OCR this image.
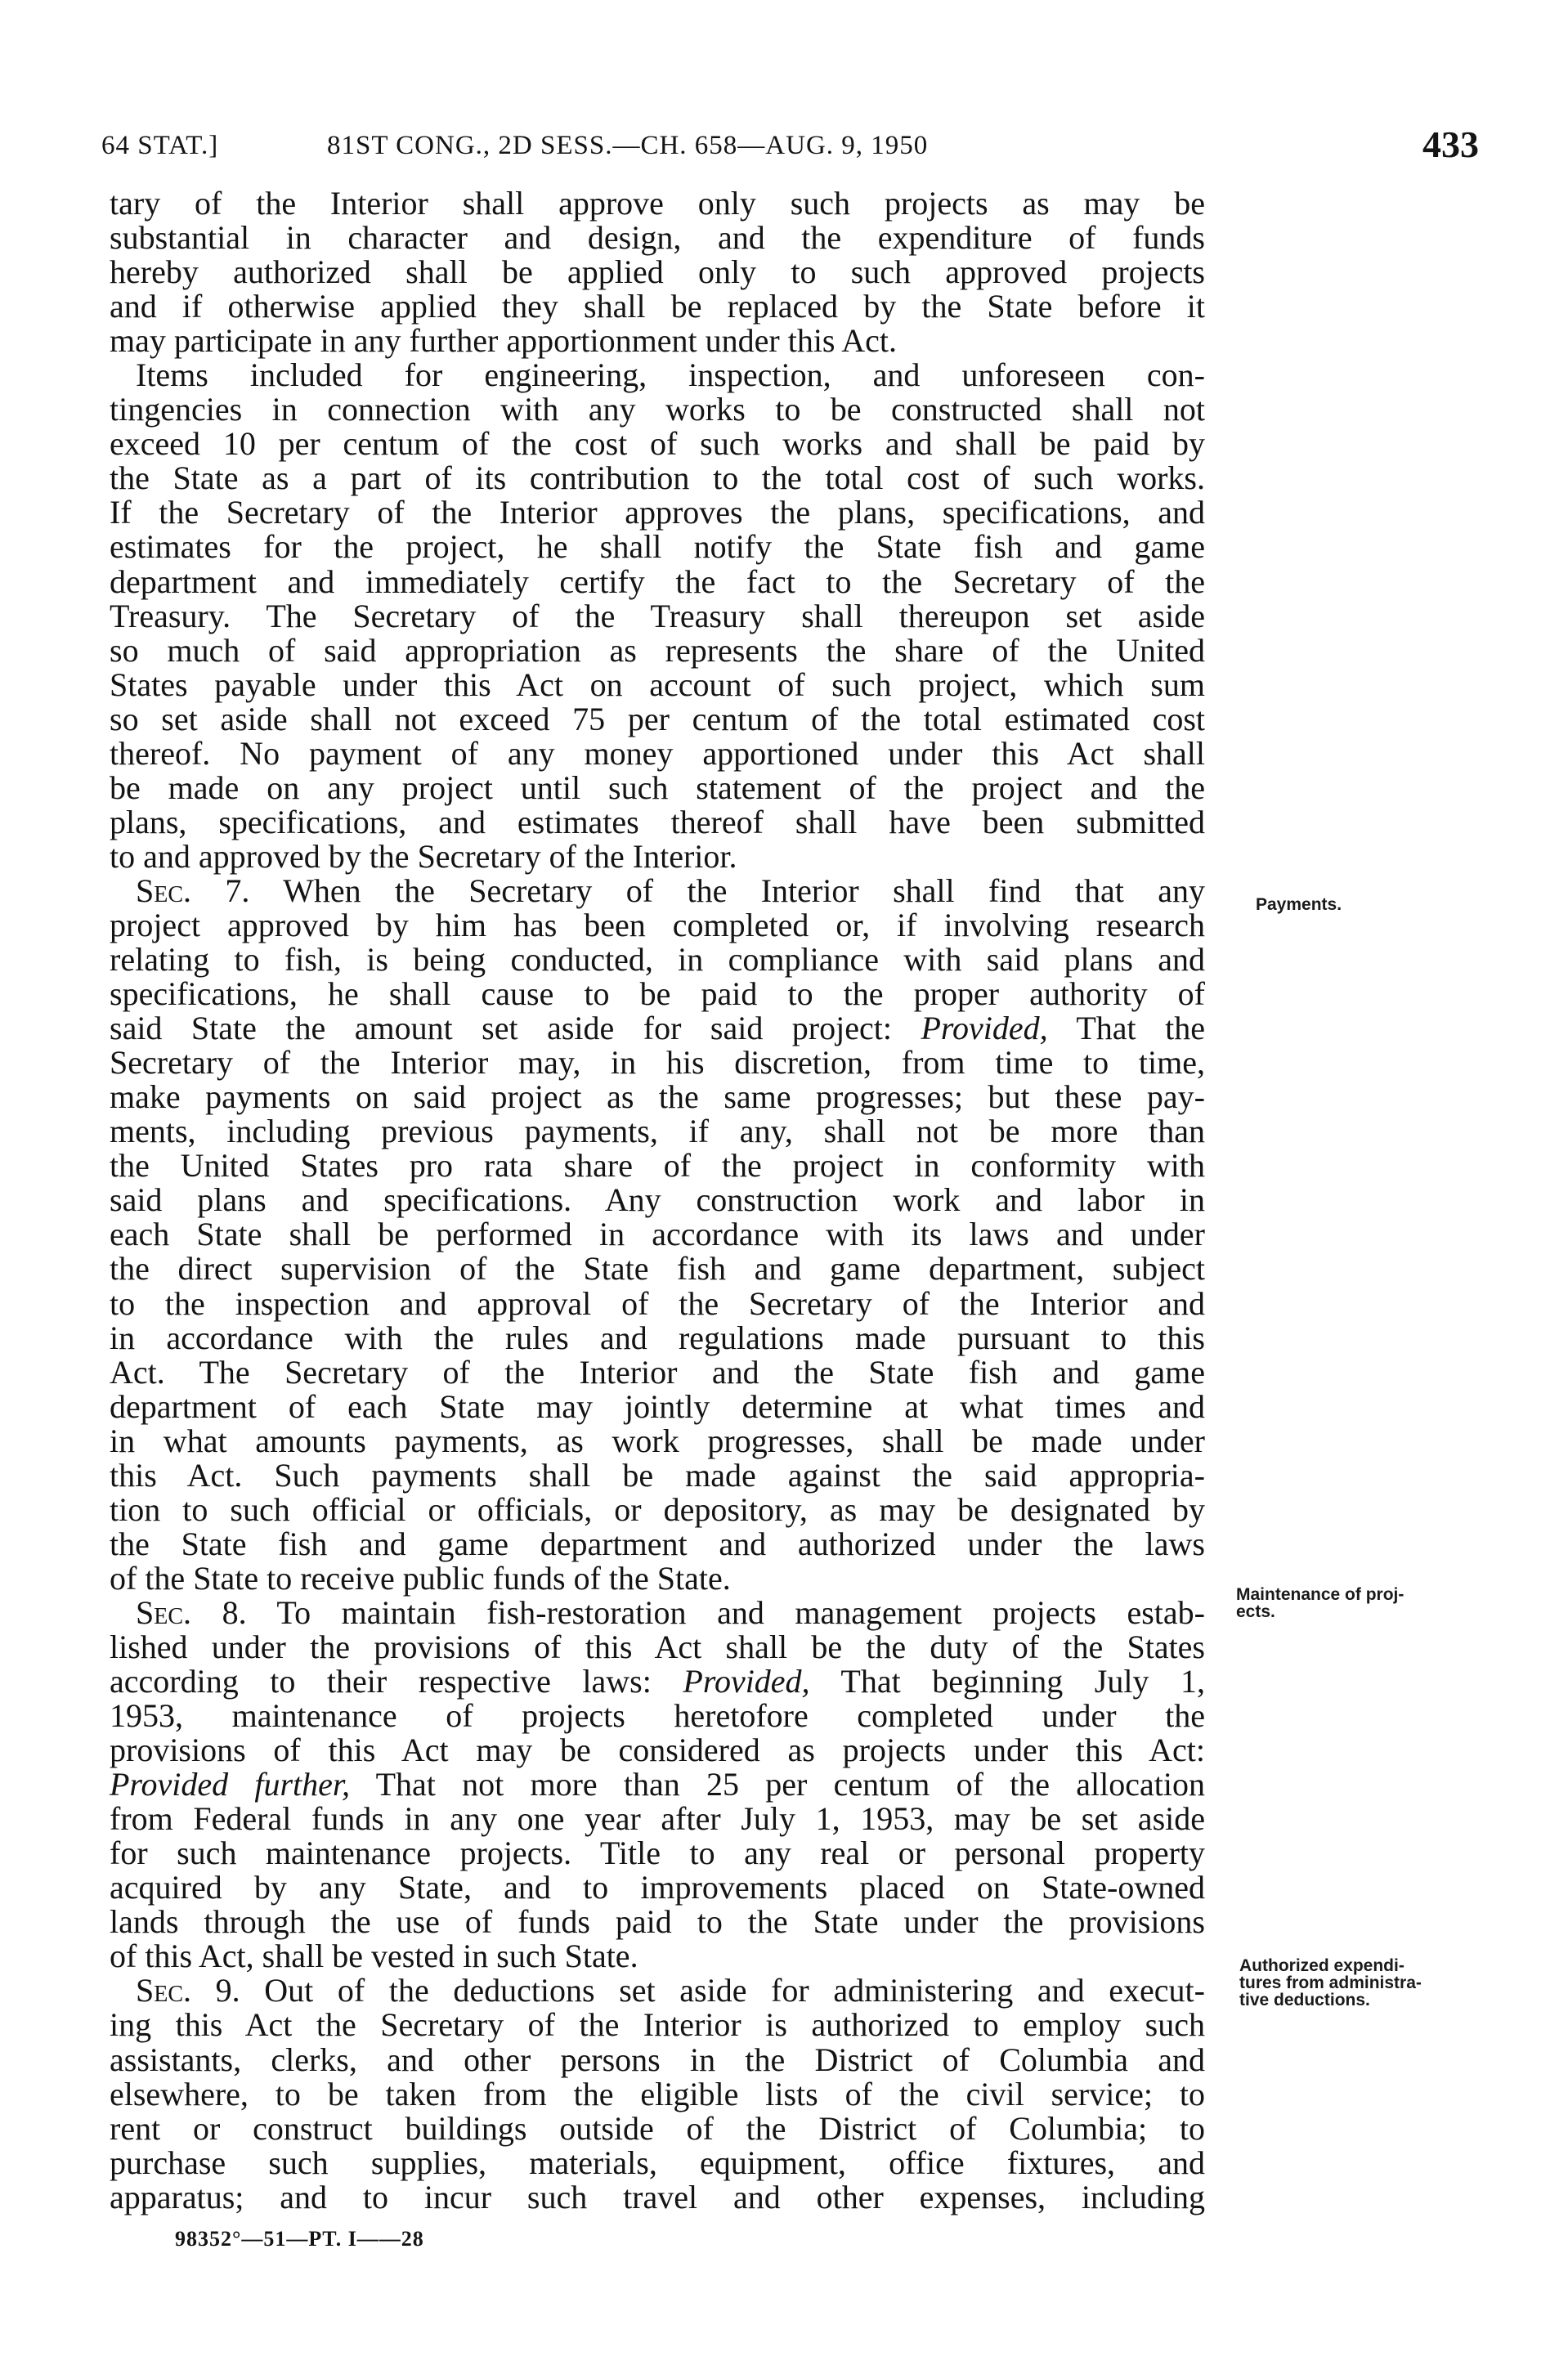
64 STAT.]	81ST CONG., 2D SESS.—CH. 658—AUG. 9, 1950	433
tary of the Interior shall approve only such projects as may be
substantial in character and design, and the expenditure of funds
hereby authorized shall be applied only to such approved projects
and if otherwise applied they shall be replaced by the State before it
may participate in any further apportionment under this Act.
Items included for engineering, inspection, and unforeseen con-
tingencies in connection with any works to be constructed shall not
exceed 10 per centum of the cost of such works and shall be paid by
the State as a part of its contribution to the total cost of such works.
If the Secretary of the Interior approves the plans, specifications, and
estimates for the project, he shall notify the State fish and game
department and immediately certify the fact to the Secretary of the
Treasury. The Secretary of the Treasury shall thereupon set aside
so much of said appropriation as represents the share of the United
States payable under this Act on account of such project, which sum
so set aside shall not exceed 75 per centum of the total estimated cost
thereof. No payment of any money apportioned under this Act shall
be made on any project until such statement of the project and the
plans, specifications, and estimates thereof shall have been submitted
to and approved by the Secretary of the Interior.
Sec. 7. When the Secretary of the Interior shall find that any
project approved by him has been completed or, if involving research
relating to fish, is being conducted, in compliance with said plans and
specifications, he shall cause to be paid to the proper authority of
said State the amount set aside for said project: Provided, That the
Secretary of the Interior may, in his discretion, from time to time,
make payments on said project as the same progresses; but these pay-
ments, including previous payments, if any, shall not be more than
the United States pro rata share of the project in conformity with
said plans and specifications. Any construction work and labor in
each State shall be performed in accordance with its laws and under
the direct supervision of the State fish and game department, subject
to the inspection and approval of the Secretary of the Interior and
in accordance with the rules and regulations made pursuant to this
Act. The Secretary of the Interior and the State fish and game
department of each State may jointly determine at what times and
in what amounts payments, as work progresses, shall be made under
this Act. Such payments shall be made against the said appropria-
tion to such official or officials, or depository, as may be designated by
the State fish and game department and authorized under the laws
of the State to receive public funds of the State.
Sec. 8. To maintain fish-restoration and management projects estab-
lished under the provisions of this Act shall be the duty of the States
according to their respective laws: Provided, That beginning July 1,
1953, maintenance of projects heretofore completed under the
provisions of this Act may be considered as projects under this Act:
Provided further, That not more than 25 per centum of the allocation
from Federal funds in any one year after July 1, 1953, may be set aside
for such maintenance projects. Title to any real or personal property
acquired by any State, and to improvements placed on State-owned
lands through the use of funds paid to the State under the provisions
of this Act, shall be vested in such State.
Sec. 9. Out of the deductions set aside for administering and execut-
ing this Act the Secretary of the Interior is authorized to employ such
assistants, clerks, and other persons in the District of Columbia and
elsewhere, to be taken from the eligible lists of the civil service; to
rent or construct buildings outside of the District of Columbia; to
purchase such supplies, materials, equipment, office fixtures, and
apparatus; and to incur such travel and other expenses, including
Payments.
Maintenance of proj-
ects.
Authorized expendi-
tures from administra-
tive deductions.
98352°—51—PT. I——28
